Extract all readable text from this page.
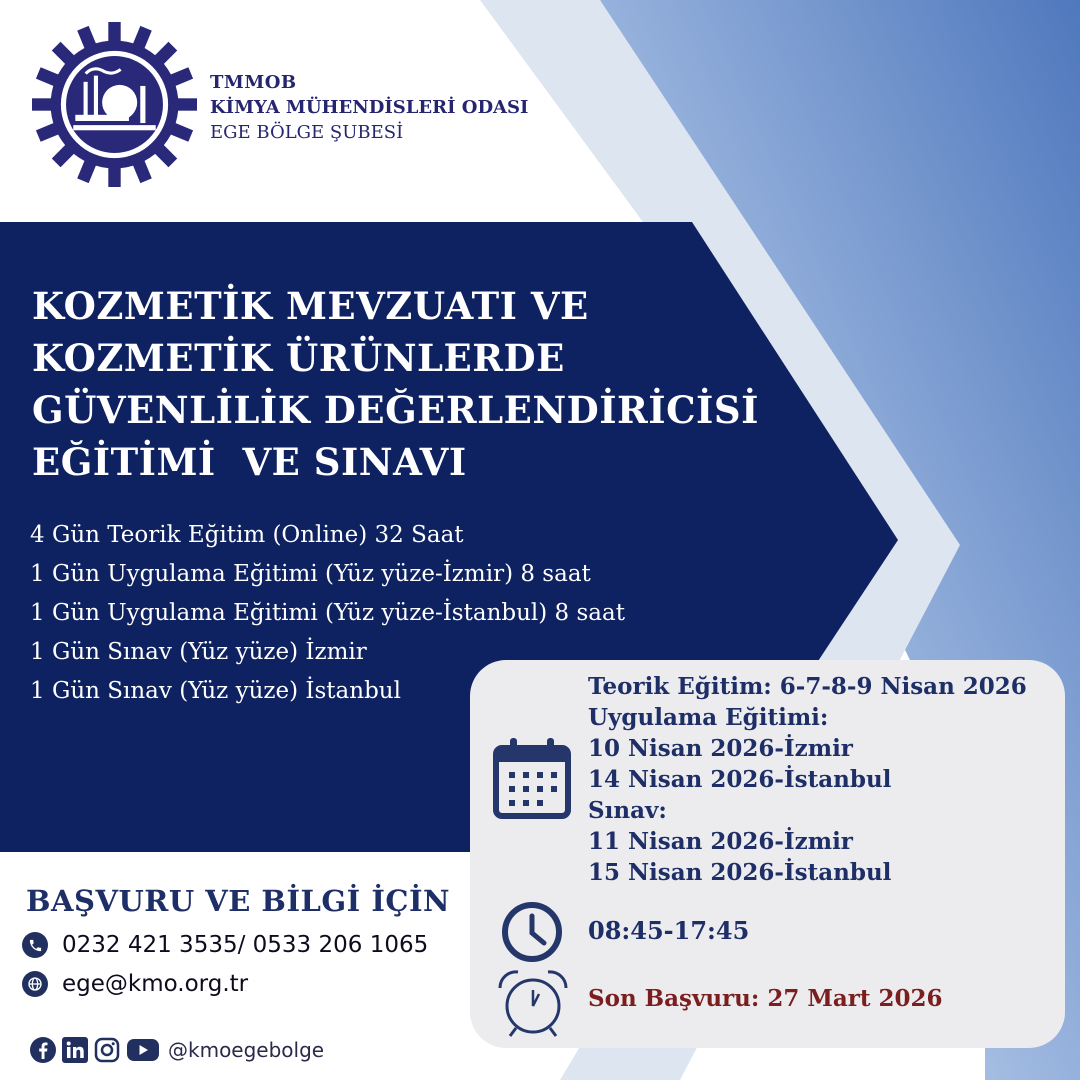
TMMOB
KİMYA MÜHENDİSLERİ ODASI
EGE BÖLGE ŞUBESİ
KOZMETİK MEVZUATI VE
KOZMETİK ÜRÜNLERDE
GÜVENLİLİK DEĞERLENDİRİCİSİ
EĞİTİMİ  VE SINAVI
4 Gün Teorik Eğitim (Online) 32 Saat
1 Gün Uygulama Eğitimi (Yüz yüze-İzmir) 8 saat
1 Gün Uygulama Eğitimi (Yüz yüze-İstanbul) 8 saat
1 Gün Sınav (Yüz yüze) İzmir
1 Gün Sınav (Yüz yüze) İstanbul	Teorik Eğitim: 6-7-8-9 Nisan 2026
Uygulama Eğitimi:
10 Nisan 2026-İzmir
14 Nisan 2026-İstanbul
Sınav:
11 Nisan 2026-İzmir
15 Nisan 2026-İstanbul
08:45-17:45
Son Başvuru: 27 Mart 2026
BAŞVURU VE BİLGİ İÇİN
0232 421 3535/ 0533 206 1065
ege@kmo.org.tr
@kmoegebolge
